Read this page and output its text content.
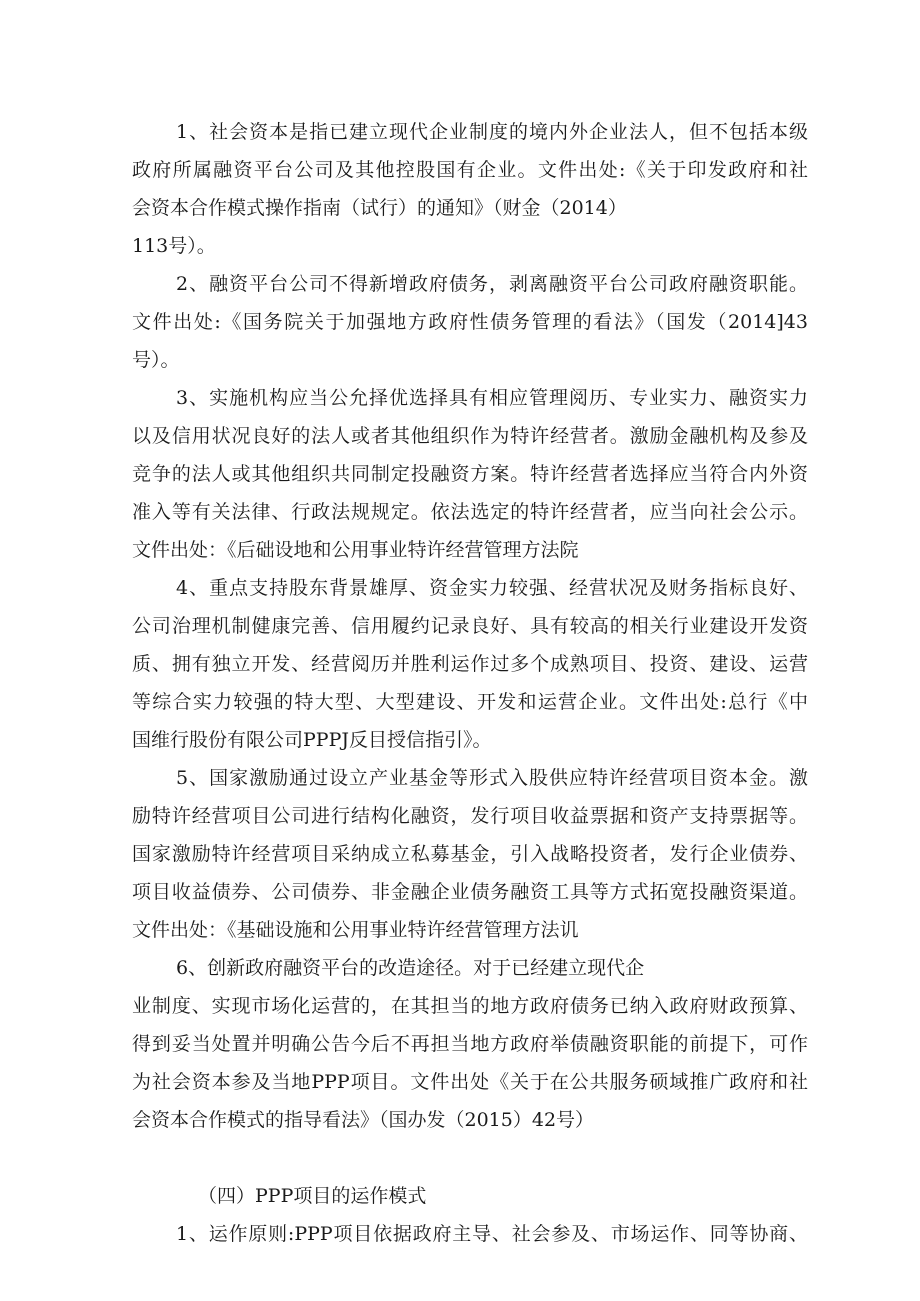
1、社会资本是指已建立现代企业制度的境内外企业法人，但不包括本级
政府所属融资平台公司及其他控股国有企业。文件出处:《关于印发政府和社
会资本合作模式操作指南（试行）的通知》（财金（2014）
113号）。
2、融资平台公司不得新增政府债务，剥离融资平台公司政府融资职能。
文件出处:《国务院关于加强地方政府性债务管理的看法》（国发（2014]43
号）。
3、实施机构应当公允择优选择具有相应管理阅历、专业实力、融资实力
以及信用状况良好的法人或者其他组织作为特许经营者。激励金融机构及参及
竞争的法人或其他组织共同制定投融资方案。特许经营者选择应当符合内外资
准入等有关法律、行政法规规定。依法选定的特许经营者，应当向社会公示。
文件出处：《后础设地和公用事业特许经营管理方法院
4、重点支持股东背景雄厚、资金实力较强、经营状况及财务指标良好、
公司治理机制健康完善、信用履约记录良好、具有较高的相关行业建设开发资
质、拥有独立开发、经营阅历并胜利运作过多个成熟项目、投资、建设、运营
等综合实力较强的特大型、大型建设、开发和运营企业。文件出处:总行《中
国维行股份有限公司PPPJ反目授信指引》。
5、国家激励通过设立产业基金等形式入股供应特许经营项目资本金。激
励特许经营项目公司进行结构化融资，发行项目收益票据和资产支持票据等。
国家激励特许经营项目采纳成立私募基金，引入战略投资者，发行企业债券、
项目收益债券、公司债券、非金融企业债务融资工具等方式拓宽投融资渠道。
文件出处：《基础设施和公用事业特许经营管理方法讥
6、创新政府融资平台的改造途径。对于已经建立现代企
业制度、实现市场化运营的，在其担当的地方政府债务已纳入政府财政预算、
得到妥当处置并明确公告今后不再担当地方政府举债融资职能的前提下，可作
为社会资本参及当地PPP项目。文件出处《关于在公共服务硕域推广政府和社
会资本合作模式的指导看法》（国办发（2015）42号）
（四）PPP项目的运作模式
1、运作原则:PPP项目依据政府主导、社会参及、市场运作、同等协商、
